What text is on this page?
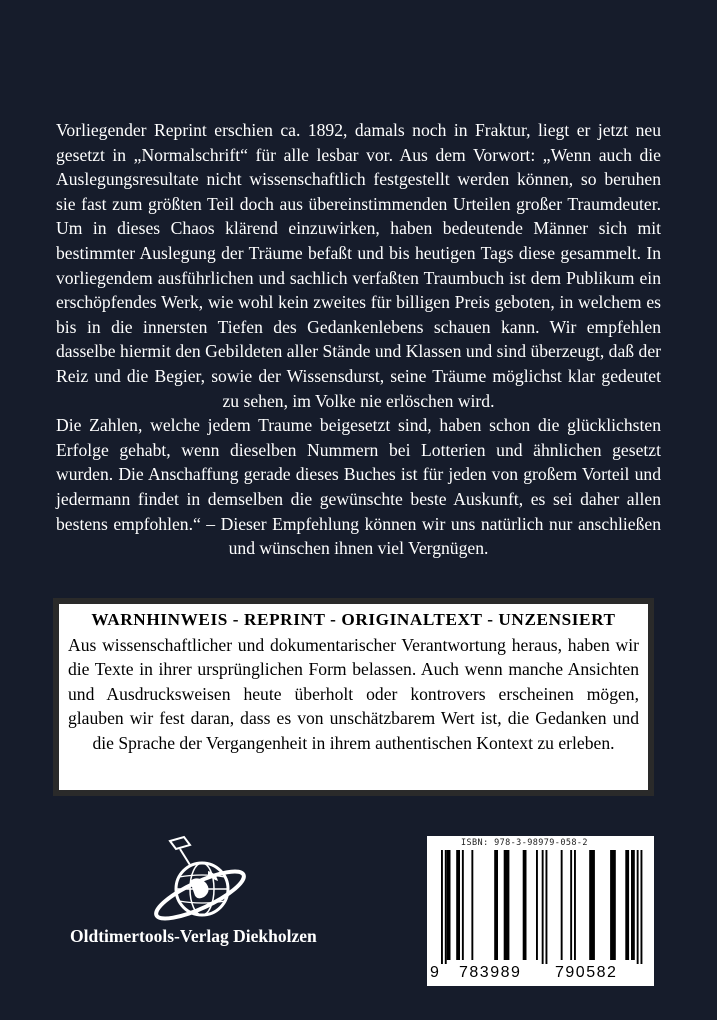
Vorliegender Reprint erschien ca. 1892, damals noch in Fraktur, liegt er jetzt neu gesetzt in „Normalschrift“ für alle lesbar vor. Aus dem Vorwort: „Wenn auch die Auslegungsresultate nicht wissenschaftlich festgestellt werden können, so beruhen sie fast zum größten Teil doch aus übereinstimmenden Urteilen großer Traumdeuter. Um in dieses Chaos klärend einzuwirken, haben bedeutende Männer sich mit bestimmter Auslegung der Träume befaßt und bis heutigen Tags diese gesammelt. In vorliegendem ausführlichen und sachlich verfaßten Traumbuch ist dem Publikum ein erschöpfendes Werk, wie wohl kein zweites für billigen Preis geboten, in welchem es bis in die innersten Tiefen des Gedankenlebens schauen kann. Wir empfehlen dasselbe hiermit den Gebildeten aller Stände und Klassen und sind überzeugt, daß der Reiz und die Begier, sowie der Wissensdurst, seine Träume möglichst klar gedeutet zu sehen, im Volke nie erlöschen wird.

Die Zahlen, welche jedem Traume beigesetzt sind, haben schon die glücklichsten Erfolge gehabt, wenn dieselben Nummern bei Lotterien und ähnlichen gesetzt wurden. Die Anschaffung gerade dieses Buches ist für jeden von großem Vorteil und jedermann findet in demselben die gewünschte beste Auskunft, es sei daher allen bestens empfohlen.“ – Dieser Empfehlung können wir uns natürlich nur anschließen und wünschen ihnen viel Vergnügen.

WARNHINWEIS - REPRINT - ORIGINALTEXT - UNZENSIERT

Aus wissenschaftlicher und dokumentarischer Verantwortung heraus, haben wir die Texte in ihrer ursprünglichen Form belassen. Auch wenn manche Ansichten und Ausdrucksweisen heute überholt oder kontrovers erscheinen mögen, glauben wir fest daran, dass es von unschätzbarem Wert ist, die Gedanken und die Sprache der Vergangenheit in ihrem authentischen Kontext zu erleben.

Oldtimertools-Verlag Diekholzen
ISBN: 978-3-98979-058-2
9 783989 790582
